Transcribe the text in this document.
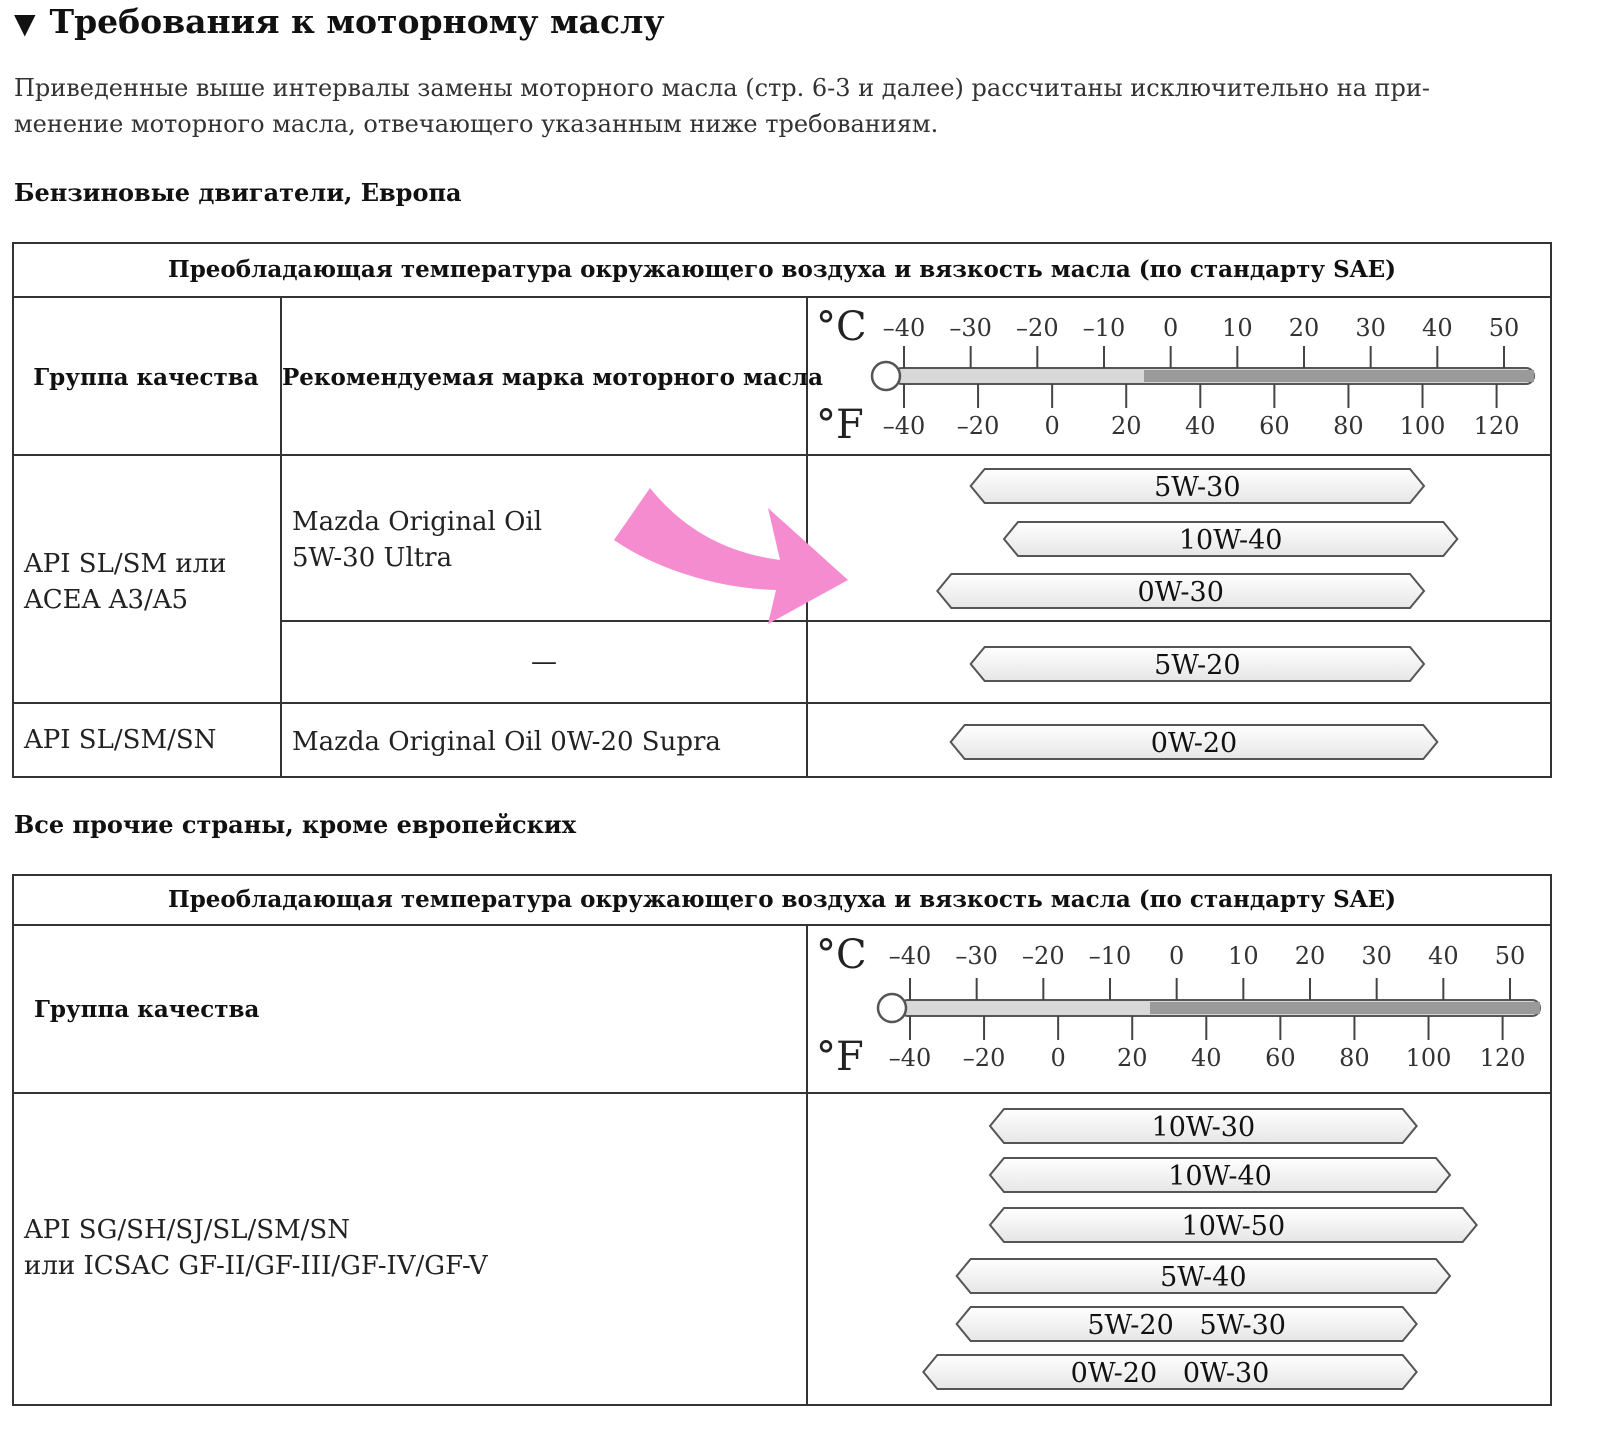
▼ Требования к моторному маслу
Приведенные выше интервалы замены моторного масла (стр. 6-3 и далее) рассчитаны исключительно на при-
менение моторного масла, отвечающего указанным ниже требованиям.
Бензиновые двигатели, Европа
Преобладающая температура окружающего воздуха и вязкость масла (по стандарту SAE)
Группа качества	Рекомендуемая марка моторного масла
API SL/SM или
ACEA A3/A5
Mazda Original Oil
5W-30 Ultra
—
API SL/SM/SN	Mazda Original Oil 0W-20 Supra
°C
°F
–40 –30 –20 –10 0 10 20 30 40 50
–40 –20 0 20 40 60 80 100 120
5W-30
10W-40
0W-30
5W-20
0W-20
Все прочие страны, кроме европейских
Преобладающая температура окружающего воздуха и вязкость масла (по стандарту SAE)
Группа качества
API SG/SH/SJ/SL/SM/SN
или ICSAC GF-II/GF-III/GF-IV/GF-V
°C
°F
–40 –30 –20 –10 0 10 20 30 40 50
–40 –20 0 20 40 60 80 100 120
10W-30
10W-40
10W-50
5W-40
5W-20   5W-30
0W-20   0W-30
